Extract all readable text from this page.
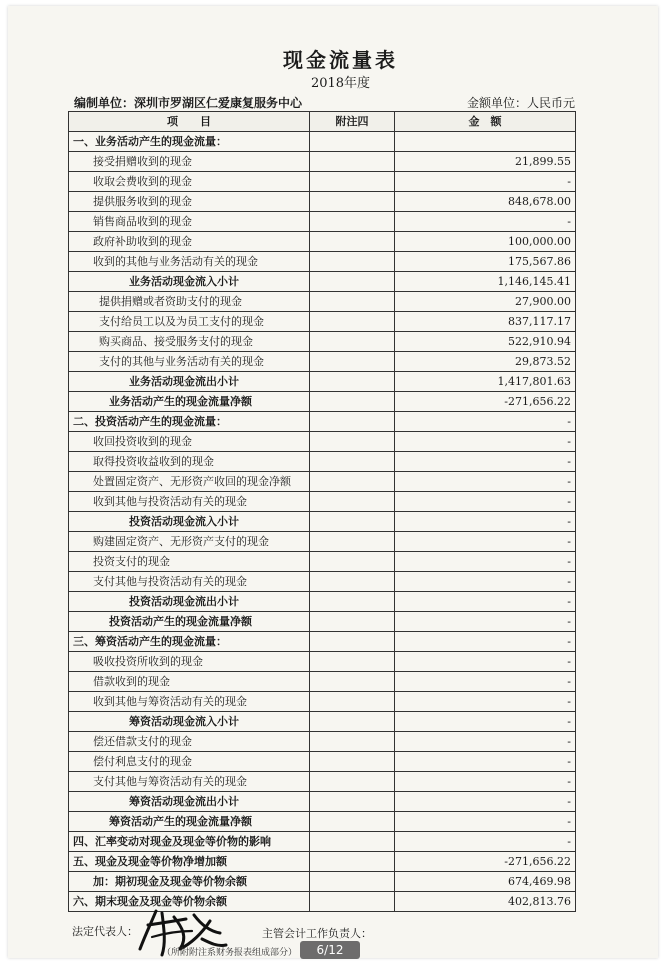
现金流量表
2018年度
编制单位：深圳市罗湖区仁爱康复服务中心	金额单位：人民币元
项　　目	附注四	金　额
一、业务活动产生的现金流量：		
接受捐赠收到的现金		21,899.55
收取会费收到的现金		-
提供服务收到的现金		848,678.00
销售商品收到的现金		-
政府补助收到的现金		100,000.00
收到的其他与业务活动有关的现金		175,567.86
业务活动现金流入小计		1,146,145.41
提供捐赠或者资助支付的现金		27,900.00
支付给员工以及为员工支付的现金		837,117.17
购买商品、接受服务支付的现金		522,910.94
支付的其他与业务活动有关的现金		29,873.52
业务活动现金流出小计		1,417,801.63
业务活动产生的现金流量净额		-271,656.22
二、投资活动产生的现金流量：		-
收回投资收到的现金		-
取得投资收益收到的现金		-
处置固定资产、无形资产收回的现金净额		-
收到其他与投资活动有关的现金		-
投资活动现金流入小计		-
购建固定资产、无形资产支付的现金		-
投资支付的现金		-
支付其他与投资活动有关的现金		-
投资活动现金流出小计		-
投资活动产生的现金流量净额		-
三、筹资活动产生的现金流量：		-
吸收投资所收到的现金		-
借款收到的现金		-
收到其他与筹资活动有关的现金		-
筹资活动现金流入小计		-
偿还借款支付的现金		-
偿付利息支付的现金		-
支付其他与筹资活动有关的现金		-
筹资活动现金流出小计		-
筹资活动产生的现金流量净额		-
四、汇率变动对现金及现金等价物的影响		-
五、现金及现金等价物净增加额		-271,656.22
加：期初现金及现金等价物余额		674,469.98
六、期末现金及现金等价物余额		402,813.76
法定代表人：	主管会计工作负责人：
（所附附注系财务报表组成部分）	6/12
